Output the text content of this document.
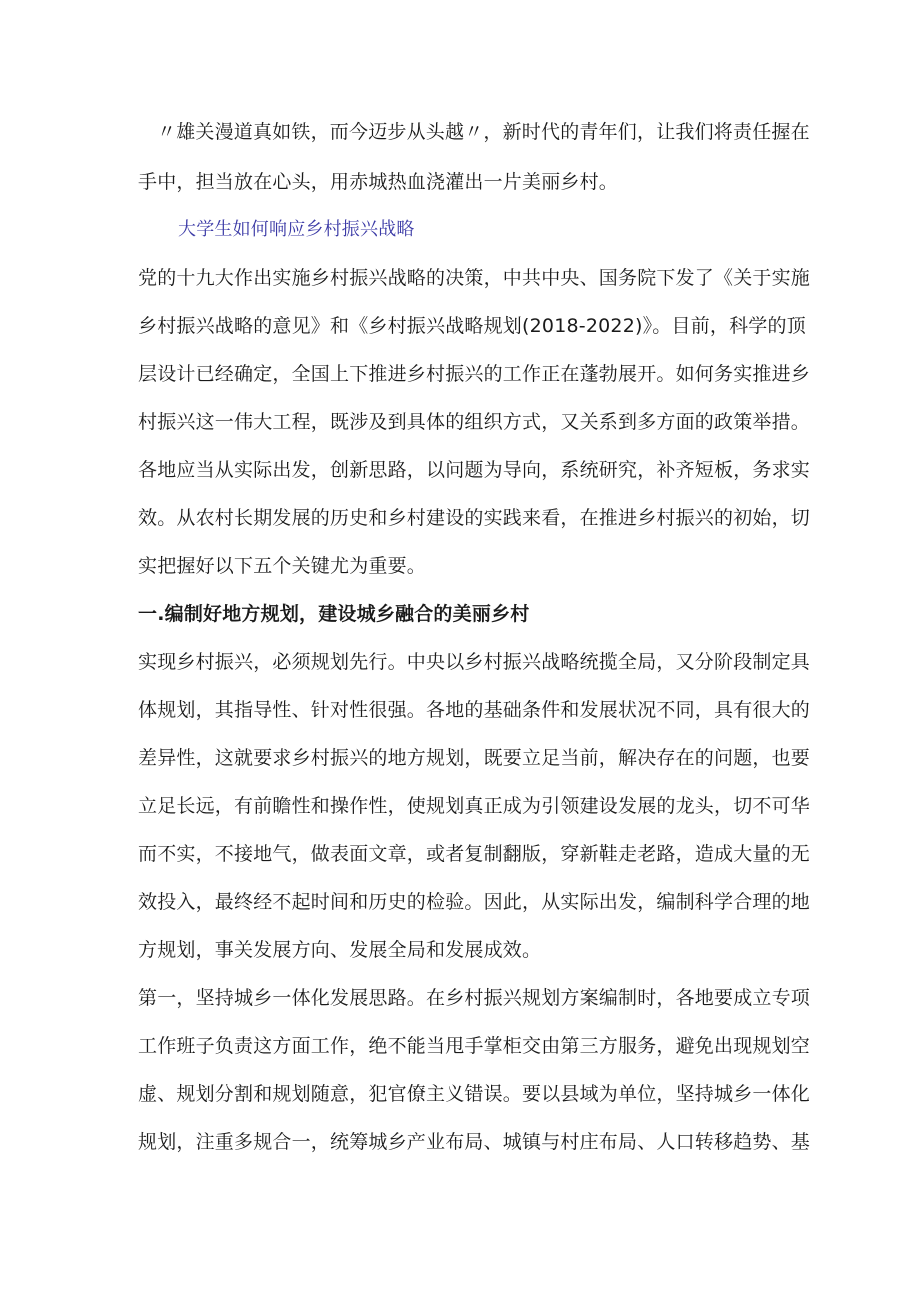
〃雄关漫道真如铁，而今迈步从头越〃，新时代的青年们，让我们将责任握在
手中，担当放在心头，用赤城热血浇灌出一片美丽乡村。
大学生如何响应乡村振兴战略
党的十九大作出实施乡村振兴战略的决策，中共中央、国务院下发了《关于实施
乡村振兴战略的意见》和《乡村振兴战略规划(2018-2022)》。目前，科学的顶
层设计已经确定，全国上下推进乡村振兴的工作正在蓬勃展开。如何务实推进乡
村振兴这一伟大工程，既涉及到具体的组织方式，又关系到多方面的政策举措。
各地应当从实际出发，创新思路，以问题为导向，系统研究，补齐短板，务求实
效。从农村长期发展的历史和乡村建设的实践来看，在推进乡村振兴的初始，切
实把握好以下五个关键尤为重要。
一.编制好地方规划，建设城乡融合的美丽乡村
实现乡村振兴，必须规划先行。中央以乡村振兴战略统揽全局，又分阶段制定具
体规划，其指导性、针对性很强。各地的基础条件和发展状况不同，具有很大的
差异性，这就要求乡村振兴的地方规划，既要立足当前，解决存在的问题，也要
立足长远，有前瞻性和操作性，使规划真正成为引领建设发展的龙头，切不可华
而不实，不接地气，做表面文章，或者复制翻版，穿新鞋走老路，造成大量的无
效投入，最终经不起时间和历史的检验。因此，从实际出发，编制科学合理的地
方规划，事关发展方向、发展全局和发展成效。
第一，坚持城乡一体化发展思路。在乡村振兴规划方案编制时，各地要成立专项
工作班子负责这方面工作，绝不能当甩手掌柜交由第三方服务，避免出现规划空
虚、规划分割和规划随意，犯官僚主义错误。要以县域为单位，坚持城乡一体化
规划，注重多规合一，统筹城乡产业布局、城镇与村庄布局、人口转移趋势、基
